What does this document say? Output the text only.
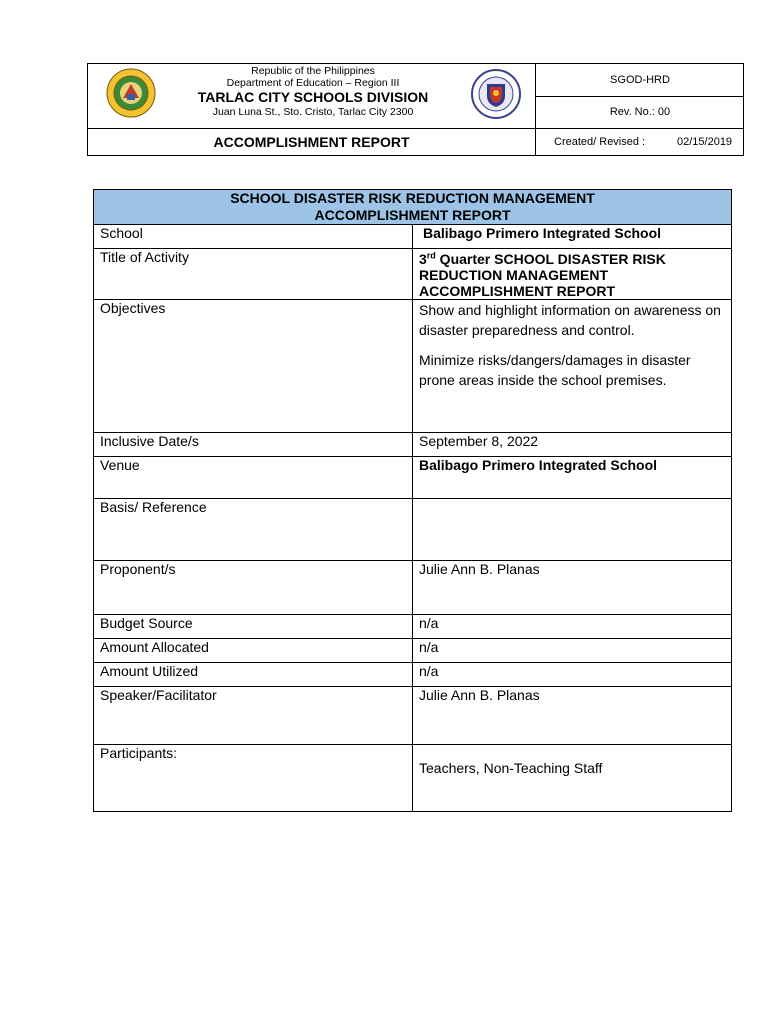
Republic of the Philippines
Department of Education – Region III
TARLAC CITY SCHOOLS DIVISION
Juan Luna St., Sto. Cristo, Tarlac City 2300
SGOD-HRD
Rev. No.: 00
ACCOMPLISHMENT REPORT	Created/ Revised :	02/15/2019
SCHOOL DISASTER RISK REDUCTION MANAGEMENT
ACCOMPLISHMENT REPORT	

School	Balibago Primero Integrated School
Title of Activity	3rd Quarter SCHOOL DISASTER RISK REDUCTION MANAGEMENT ACCOMPLISHMENT REPORT
Objectives	Show and highlight information on awareness on disaster preparedness and control.

Minimize risks/dangers/damages in disaster prone areas inside the school premises.

Inclusive Date/s	September 8, 2022
Venue	Balibago Primero Integrated School
Basis/ Reference	
Proponent/s	Julie Ann B. Planas
Budget Source	n/a
Amount Allocated	n/a
Amount Utilized	n/a
Speaker/Facilitator	Julie Ann B. Planas
Participants:	Teachers, Non-Teaching Staff
